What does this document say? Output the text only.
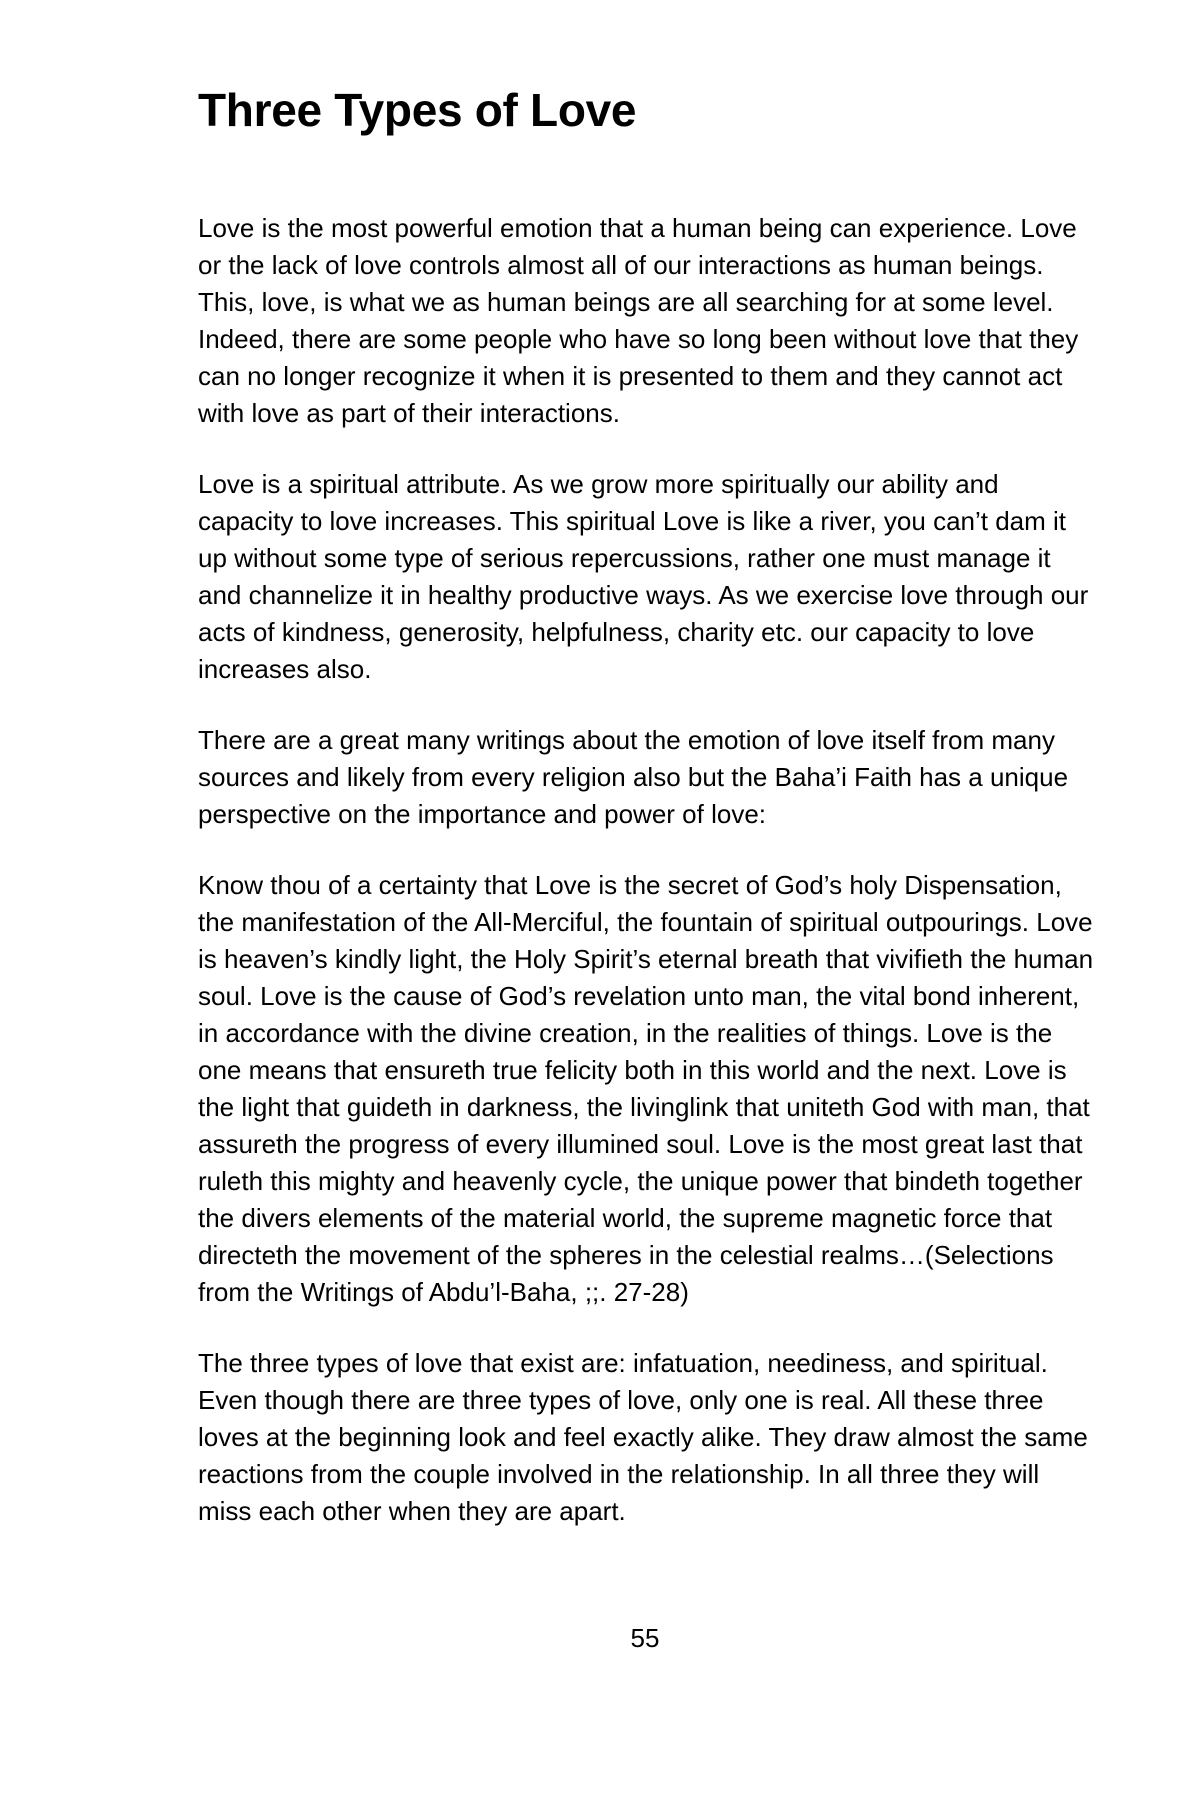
Three Types of Love

Love is the most powerful emotion that a human being can experience. Love or the lack of love controls almost all of our interactions as human beings. This, love, is what we as human beings are all searching for at some level. Indeed, there are some people who have so long been without love that they can no longer recognize it when it is presented to them and they cannot act with love as part of their interactions.

Love is a spiritual attribute. As we grow more spiritually our ability and capacity to love increases. This spiritual Love is like a river, you can’t dam it up without some type of serious repercussions, rather one must manage it and channelize it in healthy productive ways. As we exercise love through our acts of kindness, generosity, helpfulness, charity etc. our capacity to love increases also.

There are a great many writings about the emotion of love itself from many sources and likely from every religion also but the Baha’i Faith has a unique perspective on the importance and power of love:

Know thou of a certainty that Love is the secret of God’s holy Dispensation, the manifestation of the All-Merciful, the fountain of spiritual outpourings. Love is heaven’s kindly light, the Holy Spirit’s eternal breath that vivifieth the human soul. Love is the cause of God’s revelation unto man, the vital bond inherent, in accordance with the divine creation, in the realities of things. Love is the one means that ensureth true felicity both in this world and the next. Love is the light that guideth in darkness, the livinglink that uniteth God with man, that assureth the progress of every illumined soul. Love is the most great last that ruleth this mighty and heavenly cycle, the unique power that bindeth together the divers elements of the material world, the supreme magnetic force that directeth the movement of the spheres in the celestial realms…(Selections from the Writings of Abdu’l-Baha, ;;. 27-28)

The three types of love that exist are: infatuation, neediness, and spiritual. Even though there are three types of love, only one is real. All these three loves at the beginning look and feel exactly alike. They draw almost the same reactions from the couple involved in the relationship. In all three they will miss each other when they are apart.

55
